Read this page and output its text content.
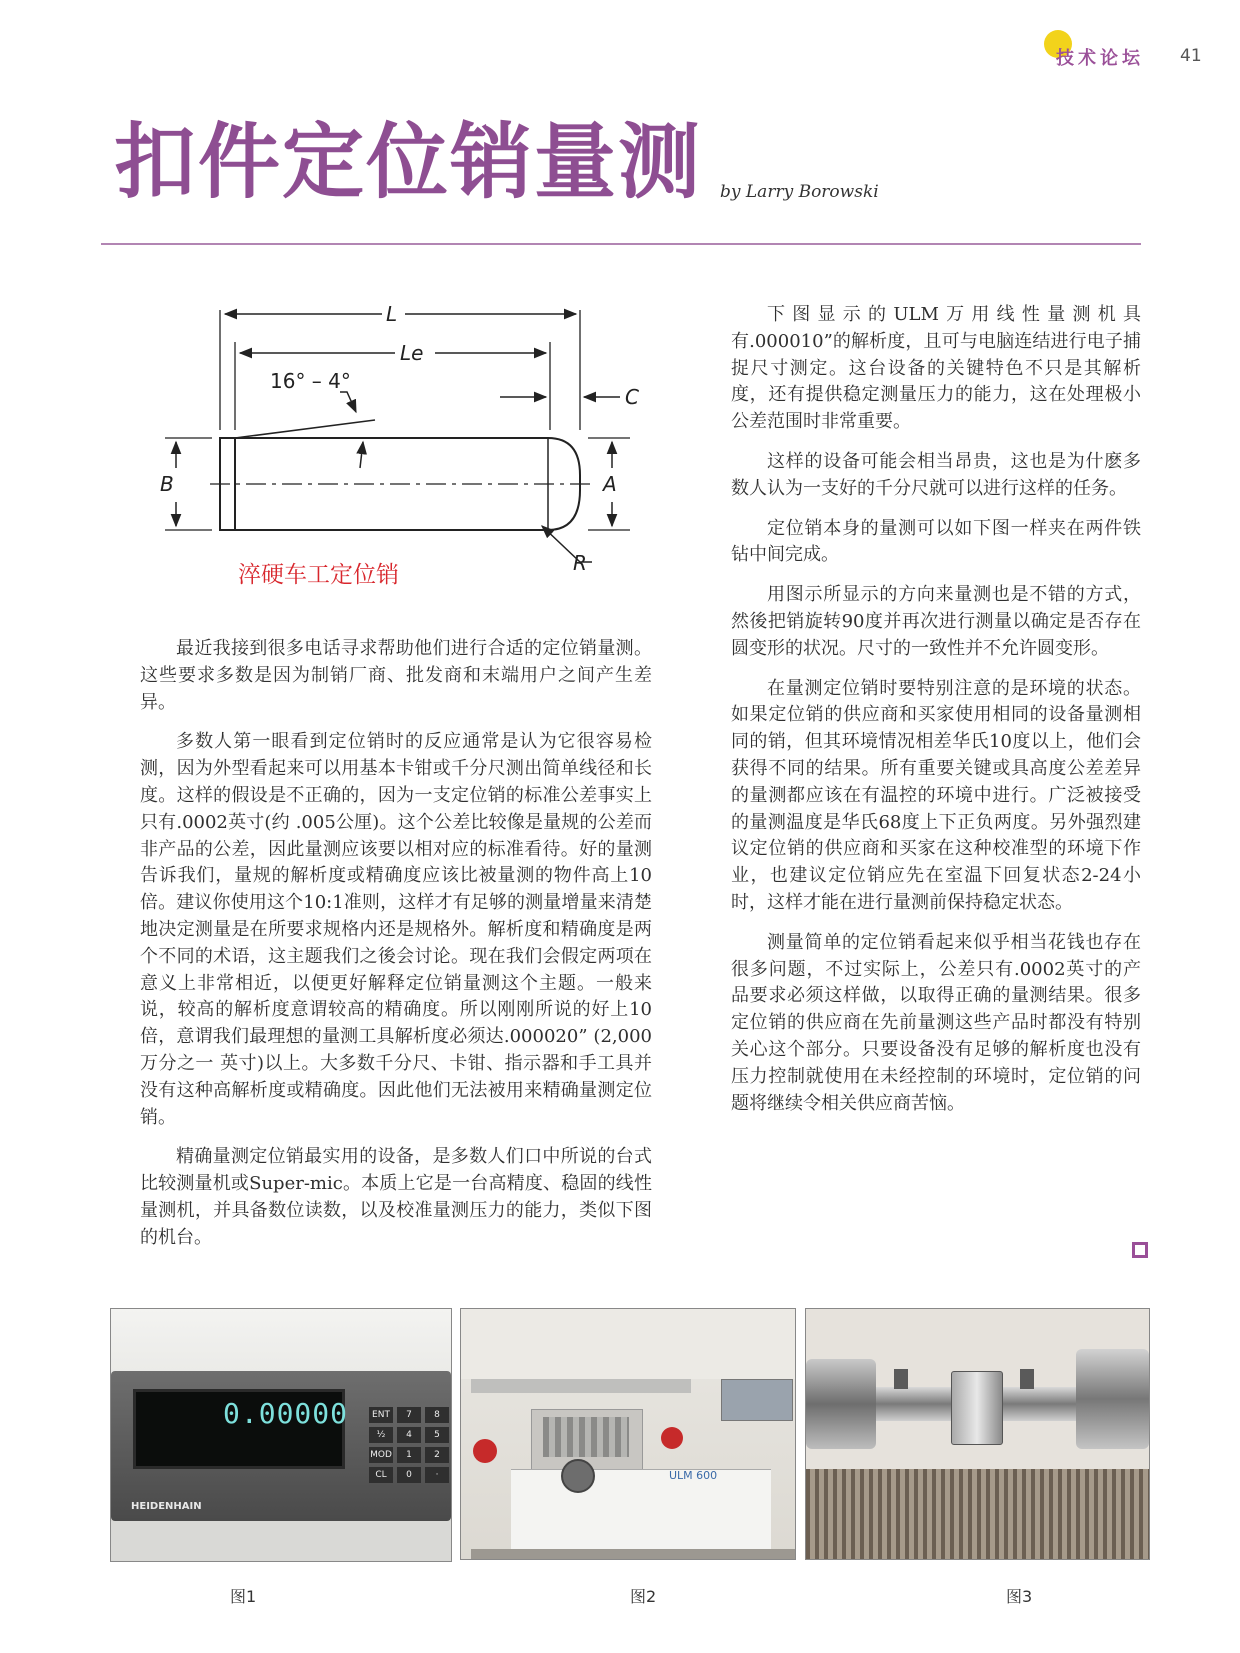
技术论坛 41
扣件定位销量测 by Larry Borowski
L
Le
16° – 4°
C
B	A
R
淬硬车工定位销

最近我接到很多电话寻求帮助他们进行合适的定位销量测。这些要求多数是因为制销厂商、批发商和末端用户之间产生差异。

多数人第一眼看到定位销时的反应通常是认为它很容易检测，因为外型看起来可以用基本卡钳或千分尺测出简单线径和长度。这样的假设是不正确的，因为一支定位销的标准公差事实上只有.0002英寸(约 .005公厘)。这个公差比较像是量规的公差而非产品的公差，因此量测应该要以相对应的标准看待。好的量测告诉我们，量规的解析度或精确度应该比被量测的物件高上10倍。建议你使用这个10:1准则，这样才有足够的测量增量来清楚地决定测量是在所要求规格内还是规格外。解析度和精确度是两个不同的术语，这主题我们之後会讨论。现在我们会假定两项在意义上非常相近，以便更好解释定位销量测这个主题。一般来说，较高的解析度意谓较高的精确度。所以刚刚所说的好上10倍，意谓我们最理想的量测工具解析度必须达.000020” (2,000万分之一 英寸)以上。大多数千分尺、卡钳、指示器和手工具并没有这种高解析度或精确度。因此他们无法被用来精确量测定位销。

精确量测定位销最实用的设备，是多数人们口中所说的台式比较测量机或Super-mic。本质上它是一台高精度、稳固的线性量测机，并具备数位读数，以及校准量测压力的能力，类似下图的机台。

下图显示的ULM万用线性量测机具有.000010”的解析度，且可与电脑连结进行电子捕捉尺寸测定。这台设备的关键特色不只是其解析度，还有提供稳定测量压力的能力，这在处理极小公差范围时非常重要。

这样的设备可能会相当昂贵，这也是为什麽多数人认为一支好的千分尺就可以进行这样的任务。

定位销本身的量测可以如下图一样夹在两件铁钻中间完成。

用图示所显示的方向来量测也是不错的方式，然後把销旋转90度并再次进行测量以确定是否存在圆变形的状况。尺寸的一致性并不允许圆变形。

在量测定位销时要特别注意的是环境的状态。如果定位销的供应商和买家使用相同的设备量测相同的销，但其环境情况相差华氏10度以上，他们会获得不同的结果。所有重要关键或具高度公差差异的量测都应该在有温控的环境中进行。广泛被接受的量测温度是华氏68度上下正负两度。另外强烈建议定位销的供应商和买家在这种校准型的环境下作业，也建议定位销应先在室温下回复状态2-24小时，这样才能在进行量测前保持稳定状态。

测量简单的定位销看起来似乎相当花钱也存在很多问题，不过实际上，公差只有.0002英寸的产品要求必须这样做，以取得正确的量测结果。很多定位销的供应商在先前量测这些产品时都没有特别关心这个部分。只要设备没有足够的解析度也没有压力控制就使用在未经控制的环境时，定位销的问题将继续令相关供应商苦恼。

0.00000
HEIDENHAIN
ENT	7	8
½	4	5
MOD	1	2
CL	0	·	ULM 600
图1	图2	图3
